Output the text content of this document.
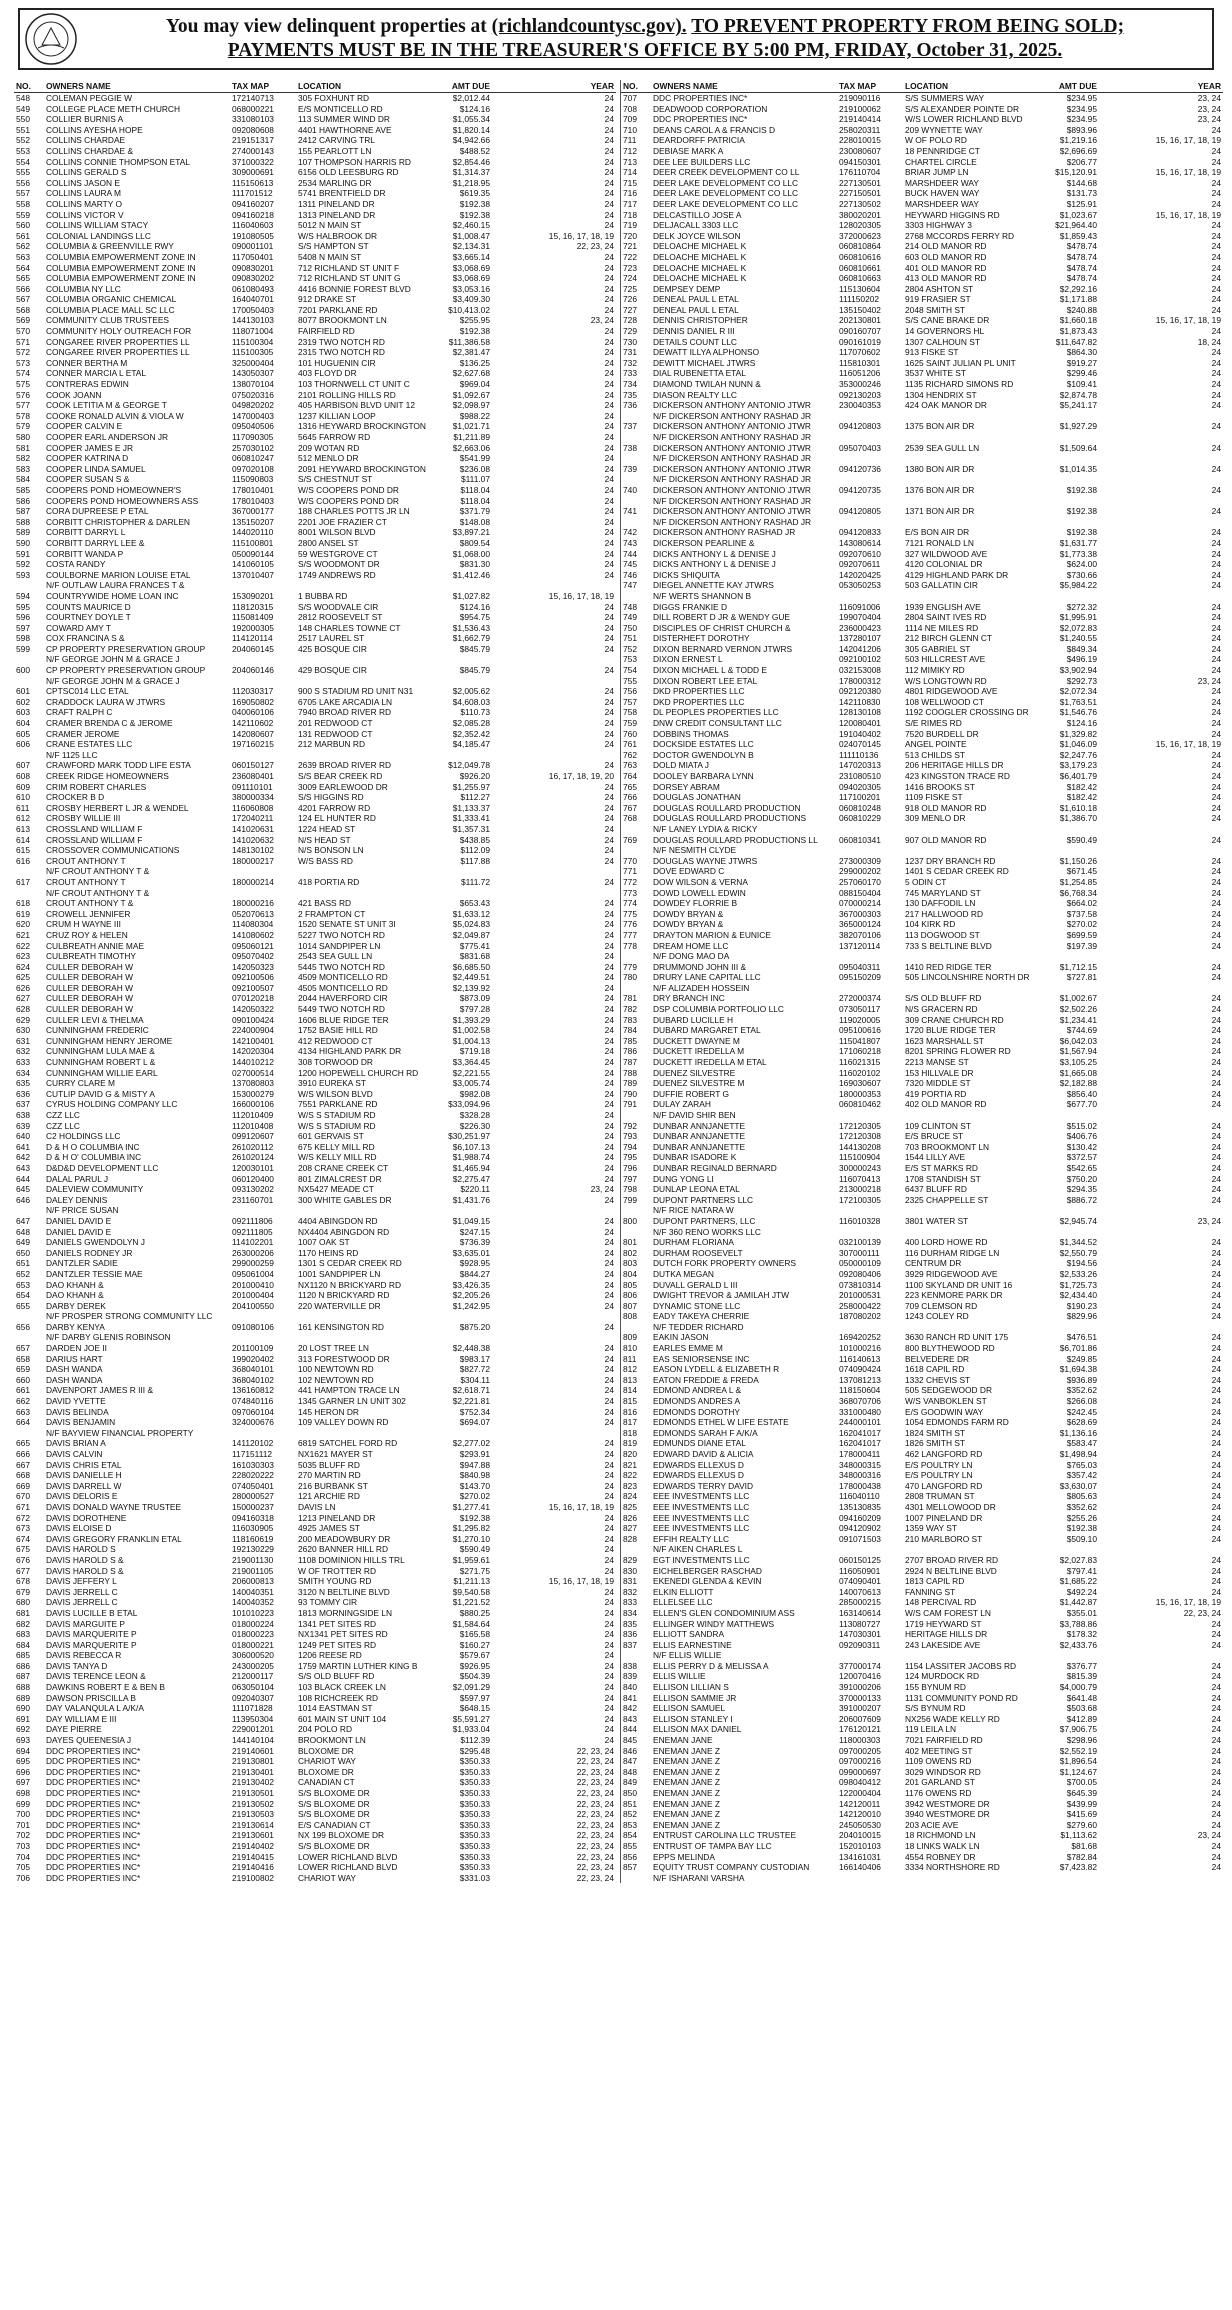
You may view delinquent properties at (richlandcountysc.gov). TO PREVENT PROPERTY FROM BEING SOLD;
PAYMENTS MUST BE IN THE TREASURER'S OFFICE BY 5:00 PM, FRIDAY, October 31, 2025.
NO.	OWNERS NAME	TAX MAP	LOCATION	AMT DUE	YEAR
548	COLEMAN PEGGIE W	172140713	305 FOXHUNT RD	$2,012.44	24
549	COLLEGE PLACE METH CHURCH	068000221	E/S MONTICELLO RD	$124.16	24
550	COLLIER BURNIS A	331080103	113 SUMMER WIND DR	$1,055.34	24
551	COLLINS AYESHA HOPE	092080608	4401 HAWTHORNE AVE	$1,820.14	24
552	COLLINS CHARDAE	219151317	2412 CARVING TRL	$4,942.66	24
553	COLLINS CHARDAE &	274000143	155 PEARLOTT LN	$488.52	24
554	COLLINS CONNIE THOMPSON ETAL	371000322	107 THOMPSON HARRIS RD	$2,854.46	24
555	COLLINS GERALD S	309000691	6156 OLD LEESBURG RD	$1,314.37	24
556	COLLINS JASON E	115150613	2534 MARLING DR	$1,218.95	24
557	COLLINS LAURA M	111701512	5741 BRENTFIELD DR	$619.35	24
558	COLLINS MARTY O	094160207	1311 PINELAND DR	$192.38	24
559	COLLINS VICTOR V	094160218	1313 PINELAND DR	$192.38	24
560	COLLINS WILLIAM STACY	116040603	5012 N MAIN ST	$2,460.15	24
561	COLONIAL LANDINGS LLC	191080505	W/S HALBROOK DR	$1,008.47	15, 16, 17, 18, 19
562	COLUMBIA & GREENVILLE RWY	090001101	S/S HAMPTON ST	$2,134.31	22, 23, 24
563	COLUMBIA EMPOWERMENT ZONE IN	117050401	5408 N MAIN ST	$3,665.14	24
564	COLUMBIA EMPOWERMENT ZONE IN	090830201	712 RICHLAND ST UNIT F	$3,068.69	24
565	COLUMBIA EMPOWERMENT ZONE IN	090830202	712 RICHLAND ST UNIT G	$3,068.69	24
566	COLUMBIA NY LLC	061080493	4416 BONNIE FOREST BLVD	$3,053.16	24
567	COLUMBIA ORGANIC CHEMICAL	164040701	912 DRAKE ST	$3,409.30	24
568	COLUMBIA PLACE MALL SC LLC	170050403	7201 PARKLANE RD	$10,413.02	24
569	COMMUNITY CLUB TRUSTEES	144130103	8077 BROOKMONT LN	$255.95	23, 24
570	COMMUNITY HOLY OUTREACH FOR	118071004	FAIRFIELD RD	$192.38	24
571	CONGAREE RIVER PROPERTIES LL	115100304	2319 TWO NOTCH RD	$11,386.58	24
572	CONGAREE RIVER PROPERTIES LL	115100305	2315 TWO NOTCH RD	$2,381.47	24
573	CONNER BERTHA M	325000404	101 HUGUENIN CIR	$136.25	24
574	CONNER MARCIA L ETAL	143050307	403 FLOYD DR	$2,627.68	24
575	CONTRERAS EDWIN	138070104	103 THORNWELL CT UNIT C	$969.04	24
576	COOK JOANN	075020316	2101 ROLLING HILLS RD	$1,092.67	24
577	COOK LETITIA M & GEORGE T	049820202	405 HARBISON BLVD UNIT 12	$2,098.97	24
578	COOKE RONALD ALVIN & VIOLA W	147000403	1237 KILLIAN LOOP	$988.22	24
579	COOPER CALVIN E	095040506	1316 HEYWARD BROCKINGTON	$1,021.71	24
580	COOPER EARL ANDERSON JR	117090305	5645 FARROW RD	$1,211.89	24
581	COOPER JAMES E JR	257030102	209 WOTAN RD	$2,663.06	24
582	COOPER KATRINA D	060810247	512 MENLO DR	$541.99	24
583	COOPER LINDA SAMUEL	097020108	2091 HEYWARD BROCKINGTON	$236.08	24
584	COOPER SUSAN S &	115090803	S/S CHESTNUT ST	$111.07	24
585	COOPERS POND HOMEOWNER'S	178010401	W/S COOPERS POND DR	$118.04	24
586	COOPERS POND HOMEOWNERS ASS	178010403	W/S COOPERS POND DR	$118.04	24
587	CORA DUPREESE P ETAL	367000177	188 CHARLES POTTS JR LN	$371.79	24
588	CORBITT CHRISTOPHER & DARLEN	135150207	2201 JOE FRAZIER CT	$148.08	24
589	CORBITT DARRYL L	144020110	8001 WILSON BLVD	$3,897.21	24
590	CORBITT DARRYL LEE &	115100801	2800 ANSEL ST	$809.54	24
591	CORBITT WANDA P	050090144	59 WESTGROVE CT	$1,068.00	24
592	COSTA RANDY	141060105	S/S WOODMONT DR	$831.30	24
593	COULBORNE MARION LOUISE ETAL	137010407	1749 ANDREWS RD	$1,412.46	24
	N/F OUTLAW LAURA FRANCES T &				
594	COUNTRYWIDE HOME LOAN INC	153090201	1 BUBBA RD	$1,027.82	15, 16, 17, 18, 19
595	COUNTS MAURICE D	118120315	S/S WOODVALE CIR	$124.16	24
596	COURTNEY DOYLE T	115081409	2812 ROOSEVELT ST	$954.75	24
597	COWARD AMY T	192000305	148 CHARLES TOWNE CT	$1,536.43	24
598	COX FRANCINA S &	114120114	2517 LAUREL ST	$1,662.79	24
599	CP PROPERTY PRESERVATION GROUP	204060145	425 BOSQUE CIR	$845.79	24
	N/F GEORGE JOHN M & GRACE J				
600	CP PROPERTY PRESERVATION GROUP	204060146	429 BOSQUE CIR	$845.79	24
	N/F GEORGE JOHN M & GRACE J				
601	CPTSC014 LLC ETAL	112030317	900 S STADIUM RD UNIT N31	$2,005.62	24
602	CRADDOCK LAURA W JTWRS	169050802	6705 LAKE ARCADIA LN	$4,608.03	24
603	CRAFT RALPH C	040060106	7940 BROAD RIVER RD	$110.73	24
604	CRAMER BRENDA C & JEROME	142110602	201 REDWOOD CT	$2,085.28	24
605	CRAMER JEROME	142080607	131 REDWOOD CT	$2,352.42	24
606	CRANE ESTATES LLC	197160215	212 MARBUN RD	$4,185.47	24
	N/F 1125 LLC				
607	CRAWFORD MARK TODD LIFE ESTA	060150127	2639 BROAD RIVER RD	$12,049.78	24
608	CREEK RIDGE HOMEOWNERS	236080401	S/S BEAR CREEK RD	$926.20	16, 17, 18, 19, 20
609	CRIM ROBERT CHARLES	091110101	3009 EARLEWOOD DR	$1,255.97	24
610	CROCKER B D	380000334	S/S HIGGINS RD	$112.27	24
611	CROSBY HERBERT L JR & WENDEL	116060808	4201 FARROW RD	$1,133.37	24
612	CROSBY WILLIE III	172040211	124 EL HUNTER RD	$1,333.41	24
613	CROSSLAND WILLIAM F	141020631	1224 HEAD ST	$1,357.31	24
614	CROSSLAND WILLIAM F	141020632	N/S HEAD ST	$438.85	24
615	CROSSOVER COMMUNICATIONS	148130102	N/S BONSON LN	$112.09	24
616	CROUT ANTHONY T	180000217	W/S BASS RD	$117.88	24
	N/F CROUT ANTHONY T &				
617	CROUT ANTHONY T	180000214	418 PORTIA RD	$111.72	24
	N/F CROUT ANTHONY T &				
618	CROUT ANTHONY T &	180000216	421 BASS RD	$653.43	24
619	CROWELL JENNIFER	052070613	2 FRAMPTON CT	$1,633.12	24
620	CRUM H WAYNE III	114080304	1520 SENATE ST UNIT 3I	$5,024.83	24
621	CRUZ ROY & HELEN	141080602	5227 TWO NOTCH RD	$2,049.87	24
622	CULBREATH ANNIE MAE	095060121	1014 SANDPIPER LN	$775.41	24
623	CULBREATH TIMOTHY	095070402	2543 SEA GULL LN	$831.68	24
624	CULLER DEBORAH W	142050323	5445 TWO NOTCH RD	$6,685.50	24
625	CULLER DEBORAH W	092100506	4509 MONTICELLO RD	$2,449.51	24
626	CULLER DEBORAH W	092100507	4505 MONTICELLO RD	$2,139.92	24
627	CULLER DEBORAH W	070120218	2044 HAVERFORD CIR	$873.09	24
628	CULLER DEBORAH W	142050322	5449 TWO NOTCH RD	$797.28	24
629	CULLER LEVI & THELMA	090100424	1606 BLUE RIDGE TER	$1,393.29	24
630	CUNNINGHAM FREDERIC	224000904	1752 BASIE HILL RD	$1,002.58	24
631	CUNNINGHAM HENRY JEROME	142100401	412 REDWOOD CT	$1,004.13	24
632	CUNNINGHAM LULA MAE &	142020304	4134 HIGHLAND PARK DR	$719.18	24
633	CUNNINGHAM ROBERT L &	144010212	308 TORWOOD DR	$3,364.45	24
634	CUNNINGHAM WILLIE EARL	027000514	1200 HOPEWELL CHURCH RD	$2,221.55	24
635	CURRY CLARE M	137080803	3910 EUREKA ST	$3,005.74	24
636	CUTLIP DAVID G & MISTY A	153000279	W/S WILSON BLVD	$982.08	24
637	CYRUS HOLDING COMPANY LLC	166000106	7551 PARKLANE RD	$33,094.96	24
638	CZZ LLC	112010409	W/S S STADIUM RD	$328.28	24
639	CZZ LLC	112010408	W/S S STADIUM RD	$226.30	24
640	C2 HOLDINGS LLC	099120607	601 GERVAIS ST	$30,251.97	24
641	D & H O COLUMBIA INC	261020112	675 KELLY MILL RD	$6,107.13	24
642	D & H O' COLUMBIA INC	261020124	W/S KELLY MILL RD	$1,988.74	24
643	D&D&D DEVELOPMENT LLC	120030101	208 CRANE CREEK CT	$1,465.94	24
644	DALAL PARUL J	060120400	801 ZIMALCREST DR	$2,275.47	24
645	DALEVIEW COMMUNITY	093130202	NX5427 MEADE CT	$220.11	23, 24
646	DALEY DENNIS	231160701	300 WHITE GABLES DR	$1,431.76	24
	N/F PRICE SUSAN				
647	DANIEL DAVID E	092111806	4404 ABINGDON RD	$1,049.15	24
648	DANIEL DAVID E	092111805	NX4404 ABINGDON RD	$247.15	24
649	DANIELS GWENDOLYN J	114102201	1007 OAK ST	$736.39	24
650	DANIELS RODNEY JR	263000206	1170 HEINS RD	$3,635.01	24
651	DANTZLER SADIE	299000259	1301 S CEDAR CREEK RD	$928.95	24
652	DANTZLER TESSIE MAE	095061004	1001 SANDPIPER LN	$844.27	24
653	DAO KHANH &	201000410	NX1120 N BRICKYARD RD	$3,426.35	24
654	DAO KHANH &	201000404	1120 N BRICKYARD RD	$2,205.26	24
655	DARBY DEREK	204100550	220 WATERVILLE DR	$1,242.95	24
	N/F PROSPER STRONG COMMUNITY LLC				
656	DARBY KENYA	091080106	161 KENSINGTON RD	$875.20	24
	N/F DARBY GLENIS ROBINSON				
657	DARDEN JOE II	201100109	20 LOST TREE LN	$2,448.38	24
658	DARIUS HART	199020402	313 FORESTWOOD DR	$983.17	24
659	DASH WANDA	368040101	100 NEWTOWN RD	$827.72	24
660	DASH WANDA	368040102	102 NEWTOWN RD	$304.11	24
661	DAVENPORT JAMES R III &	136160812	441 HAMPTON TRACE LN	$2,618.71	24
662	DAVID YVETTE	074840116	1345 GARNER LN UNIT 302	$2,221.81	24
663	DAVIS BELINDA	097060104	145 HERON DR	$752.34	24
664	DAVIS BENJAMIN	324000676	109 VALLEY DOWN RD	$694.07	24
	N/F BAYVIEW FINANCIAL PROPERTY				
665	DAVIS BRIAN A	141120102	6819 SATCHEL FORD RD	$2,277.02	24
666	DAVIS CALVIN	117151112	NX1621 MAYER ST	$293.91	24
667	DAVIS CHRIS ETAL	161030303	5035 BLUFF RD	$947.88	24
668	DAVIS DANIELLE H	228020222	270 MARTIN RD	$840.98	24
669	DAVIS DARRELL W	074050401	216 BURBANK ST	$143.70	24
670	DAVIS DELORIS E	280000527	121 ARCHIE RD	$270.02	24
671	DAVIS DONALD WAYNE TRUSTEE	150000237	DAVIS LN	$1,277.41	15, 16, 17, 18, 19
672	DAVIS DOROTHENE	094160318	1213 PINELAND DR	$192.38	24
673	DAVIS ELOISE D	116030905	4925 JAMES ST	$1,295.82	24
674	DAVIS GREGORY FRANKLIN ETAL	118160619	200 MEADOWBURY DR	$1,270.10	24
675	DAVIS HAROLD S	192130229	2620 BANNER HILL RD	$590.49	24
676	DAVIS HAROLD S &	219001130	1108 DOMINION HILLS TRL	$1,959.61	24
677	DAVIS HAROLD S &	219001105	W OF TROTTER RD	$271.75	24
678	DAVIS JEFFERY L	206000813	SMITH YOUNG RD	$1,211.13	15, 16, 17, 18, 19
679	DAVIS JERRELL C	140040351	3120 N BELTLINE BLVD	$9,540.58	24
680	DAVIS JERRELL C	140040352	93 TOMMY CIR	$1,221.52	24
681	DAVIS LUCILLE B ETAL	101010223	1813 MORNINGSIDE LN	$880.25	24
682	DAVIS MARGUITE P	018000224	1341 PET SITES RD	$1,584.64	24
683	DAVIS MARQUERITE P	018000223	NX1341 PET SITES RD	$165.58	24
684	DAVIS MARQUERITE P	018000221	1249 PET SITES RD	$160.27	24
685	DAVIS REBECCA R	306000520	1206 REESE RD	$579.67	24
686	DAVIS TANYA D	243000205	1759 MARTIN LUTHER KING B	$926.95	24
687	DAVIS TERENCE LEON &	212000117	S/S OLD BLUFF RD	$504.39	24
688	DAWKINS ROBERT E & BEN B	063050104	103 BLACK CREEK LN	$2,091.29	24
689	DAWSON PRISCILLA B	092040307	108 RICHCREEK RD	$597.97	24
690	DAY VALANQULA L A/K/A	111071828	1014 EASTMAN ST	$648.15	24
691	DAY WILLIAM E III	113950304	601 MAIN ST UNIT 104	$5,591.27	24
692	DAYE PIERRE	229001201	204 POLO RD	$1,933.04	24
693	DAYES QUEENESIA J	144140104	BROOKMONT LN	$112.39	24
694	DDC PROPERTIES INC*	219140601	BLOXOME DR	$295.48	22, 23, 24
695	DDC PROPERTIES INC*	219130801	CHARIOT WAY	$350.33	22, 23, 24
696	DDC PROPERTIES INC*	219130401	BLOXOME DR	$350.33	22, 23, 24
697	DDC PROPERTIES INC*	219130402	CANADIAN CT	$350.33	22, 23, 24
698	DDC PROPERTIES INC*	219130501	S/S BLOXOME DR	$350.33	22, 23, 24
699	DDC PROPERTIES INC*	219130502	S/S BLOXOME DR	$350.33	22, 23, 24
700	DDC PROPERTIES INC*	219130503	S/S BLOXOME DR	$350.33	22, 23, 24
701	DDC PROPERTIES INC*	219130614	E/S CANADIAN CT	$350.33	22, 23, 24
702	DDC PROPERTIES INC*	219130601	NX 199 BLOXOME DR	$350.33	22, 23, 24
703	DDC PROPERTIES INC*	219140402	S/S BLOXOME DR	$350.33	22, 23, 24
704	DDC PROPERTIES INC*	219140415	LOWER RICHLAND BLVD	$350.33	22, 23, 24
705	DDC PROPERTIES INC*	219140416	LOWER RICHLAND BLVD	$350.33	22, 23, 24
706	DDC PROPERTIES INC*	219100802	CHARIOT WAY	$331.03	22, 23, 24
NO.	OWNERS NAME	TAX MAP	LOCATION	AMT DUE	YEAR
707	DDC PROPERTIES INC*	219090116	S/S SUMMERS WAY	$234.95	23, 24
708	DEADWOOD CORPORATION	219100062	S/S ALEXANDER POINTE DR	$234.95	23, 24
709	DDC PROPERTIES INC*	219140414	W/S LOWER RICHLAND BLVD	$234.95	23, 24
710	DEANS CAROL A & FRANCIS D	258020311	209 WYNETTE WAY	$893.96	24
711	DEARDORFF PATRICIA	228010015	W OF POLO RD	$1,219.16	15, 16, 17, 18, 19
712	DEBIASE MARK A	230080607	18 PENNRIDGE CT	$2,696.69	24
713	DEE LEE BUILDERS LLC	094150301	CHARTEL CIRCLE	$206.77	24
714	DEER CREEK DEVELOPMENT CO LL	176110704	BRIAR JUMP LN	$15,120.91	15, 16, 17, 18, 19
715	DEER LAKE DEVELOPMENT CO LLC	227130501	MARSHDEER WAY	$144.68	24
716	DEER LAKE DEVELOPMENT CO LLC	227150501	BUCK HAVEN WAY	$131.73	24
717	DEER LAKE DEVELOPMENT CO LLC	227130502	MARSHDEER WAY	$125.91	24
718	DELCASTILLO JOSE A	380020201	HEYWARD HIGGINS RD	$1,023.67	15, 16, 17, 18, 19
719	DELJACALL 3303 LLC	128020305	3303 HIGHWAY 3	$21,964.40	24
720	DELK JOYCE WILSON	372000623	2768 MCCORDS FERRY RD	$1,859.43	24
721	DELOACHE MICHAEL K	060810864	214 OLD MANOR RD	$478.74	24
722	DELOACHE MICHAEL K	060810616	603 OLD MANOR RD	$478.74	24
723	DELOACHE MICHAEL K	060810661	401 OLD MANOR RD	$478.74	24
724	DELOACHE MICHAEL K	060810663	413 OLD MANOR RD	$478.74	24
725	DEMPSEY DEMP	115130604	2804 ASHTON ST	$2,292.16	24
726	DENEAL PAUL L ETAL	111150202	919 FRASIER ST	$1,171.88	24
727	DENEAL PAUL L ETAL	135150402	2048 SMITH ST	$240.88	24
728	DENNIS CHRISTOPHER	202130801	S/S CANE BRAKE DR	$1,660.18	15, 16, 17, 18, 19
729	DENNIS DANIEL R III	090160707	14 GOVERNORS HL	$1,873.43	24
730	DETAILS COUNT LLC	090161019	1307 CALHOUN ST	$11,647.82	18, 24
731	DEWATT ILLYA ALPHONSO	117070602	913 FISKE ST	$864.30	24
732	DEWITT MICHAEL JTWRS	115810301	1625 SAINT JULIAN PL UNIT	$919.27	24
733	DIAL RUBENETTA ETAL	116051206	3537 WHITE ST	$299.46	24
734	DIAMOND TWILAH NUNN &	353000246	1135 RICHARD SIMONS RD	$109.41	24
735	DIASON REALTY LLC	092130203	1304 HENDRIX ST	$2,874.78	24
736	DICKERSON ANTHONY ANTONIO JTWR	230040353	424 OAK MANOR DR	$5,241.17	24
	N/F DICKERSON ANTHONY RASHAD JR				
737	DICKERSON ANTHONY ANTONIO JTWR	094120803	1375 BON AIR DR	$1,927.29	24
	N/F DICKERSON ANTHONY RASHAD JR				
738	DICKERSON ANTHONY ANTONIO JTWR	095070403	2539 SEA GULL LN	$1,509.64	24
	N/F DICKERSON ANTHONY RASHAD JR				
739	DICKERSON ANTHONY ANTONIO JTWR	094120736	1380 BON AIR DR	$1,014.35	24
	N/F DICKERSON ANTHONY RASHAD JR				
740	DICKERSON ANTHONY ANTONIO JTWR	094120735	1376 BON AIR DR	$192.38	24
	N/F DICKERSON ANTHONY RASHAD JR				
741	DICKERSON ANTHONY ANTONIO JTWR	094120805	1371 BON AIR DR	$192.38	24
	N/F DICKERSON ANTHONY RASHAD JR				
742	DICKERSON ANTHONY RASHAD JR	094120833	E/S BON AIR DR	$192.38	24
743	DICKERSON PEARLINE &	143080614	7121 RONALD LN	$1,631.77	24
744	DICKS ANTHONY L & DENISE J	092070610	327 WILDWOOD AVE	$1,773.38	24
745	DICKS ANTHONY L & DENISE J	092070611	4120 COLONIAL DR	$624.00	24
746	DICKS SHIQUITA	142020425	4129 HIGHLAND PARK DR	$730.66	24
747	DIEGEL ANNETTE KAY JTWRS	053050253	503 GALLATIN CIR	$5,984.22	24
	N/F WERTS SHANNON B				
748	DIGGS FRANKIE D	116091006	1939 ENGLISH AVE	$272.32	24
749	DILL ROBERT D JR & WENDY GUE	199070404	2804 SAINT IVES RD	$1,995.91	24
750	DISCIPLES OF CHRIST CHURCH &	236000423	1114 NE MILES RD	$2,072.83	24
751	DISTERHEFT DOROTHY	137280107	212 BIRCH GLENN CT	$1,240.55	24
752	DIXON BERNARD VERNON JTWRS	142041206	305 GABRIEL ST	$849.34	24
753	DIXON ERNEST L	092100102	503 HILLCREST AVE	$496.19	24
754	DIXON MICHAEL L & TODD E	032153008	112 MIMIKY RD	$3,902.94	24
755	DIXON ROBERT LEE ETAL	178000312	W/S LONGTOWN RD	$292.73	23, 24
756	DKD PROPERTIES LLC	092120380	4801 RIDGEWOOD AVE	$2,072.34	24
757	DKD PROPERTIES LLC	142110830	108 WELLWOOD CT	$1,763.51	24
758	DL PEOPLES PROPERTIES LLC	128130108	1192 COOGLER CROSSING DR	$1,546.76	24
759	DNW CREDIT CONSULTANT LLC	120080401	S/E RIMES RD	$124.16	24
760	DOBBINS THOMAS	191040402	7520 BURDELL DR	$1,329.82	24
761	DOCKSIDE ESTATES LLC	024070145	ANGEL POINTE	$1,046.09	15, 16, 17, 18, 19
762	DOCTOR GWENDOLYN B	111110136	513 CHILDS ST	$2,247.76	24
763	DOLD MIATA J	147020313	206 HERITAGE HILLS DR	$3,179.23	24
764	DOOLEY BARBARA LYNN	231080510	423 KINGSTON TRACE RD	$6,401.79	24
765	DORSEY ABRAM	094020305	1416 BROOKS ST	$182.42	24
766	DOUGLAS JONATHAN	117100201	1109 FISKE ST	$182.42	24
767	DOUGLAS ROULLARD PRODUCTION	060810248	918 OLD MANOR RD	$1,610.18	24
768	DOUGLAS ROULLARD PRODUCTIONS	060810229	309 MENLO DR	$1,386.70	24
	N/F LANEY LYDIA & RICKY				
769	DOUGLAS ROULLARD PRODUCTIONS LL	060810341	907 OLD MANOR RD	$590.49	24
	N/F NESMITH CLYDE				
770	DOUGLAS WAYNE JTWRS	273000309	1237 DRY BRANCH RD	$1,150.26	24
771	DOVE EDWARD C	299000202	1401 S CEDAR CREEK RD	$671.45	24
772	DOW WILSON & VERNA	257060170	5 ODIN CT	$1,254.85	24
773	DOWD LOWELL EDWIN	088150404	745 MARYLAND ST	$6,768.34	24
774	DOWDEY FLORRIE B	070000214	130 DAFFODIL LN	$664.02	24
775	DOWDY BRYAN &	367000303	217 HALLWOOD RD	$737.58	24
776	DOWDY BRYAN &	365000124	104 KIRK RD	$270.02	24
777	DRAYTON MARION & EUNICE	382070106	113 DOGWOOD ST	$699.59	24
778	DREAM HOME LLC	137120114	733 S BELTLINE BLVD	$197.39	24
	N/F DONG MAO DA				
779	DRUMMOND JOHN III &	095040311	1410 RED RIDGE TER	$1,712.15	24
780	DRURY LANE CAPITAL LLC	095150209	505 LINCOLNSHIRE NORTH DR	$727.81	24
	N/F ALIZADEH HOSSEIN				
781	DRY BRANCH INC	272000374	S/S OLD BLUFF RD	$1,002.67	24
782	DSP COLUMBIA PORTFOLIO LLC	073050117	N/S GRACERN RD	$2,502.26	24
783	DUBARD LUCILLE H	119020005	309 CRANE CHURCH RD	$1,234.41	24
784	DUBARD MARGARET ETAL	095100616	1720 BLUE RIDGE TER	$744.69	24
785	DUCKETT DWAYNE M	115041807	1623 MARSHALL ST	$6,042.03	24
786	DUCKETT IREDELLA M	171060218	8201 SPRING FLOWER RD	$1,567.94	24
787	DUCKETT IREDELLA M ETAL	116021315	2213 MANSE ST	$3,105.25	24
788	DUENEZ SILVESTRE	116020102	153 HILLVALE DR	$1,665.08	24
789	DUENEZ SILVESTRE M	169030607	7320 MIDDLE ST	$2,182.88	24
790	DUFFIE ROBERT G	180000353	419 PORTIA RD	$856.40	24
791	DULAY ZARAH	060810462	402 OLD MANOR RD	$677.70	24
	N/F DAVID SHIR BEN				
792	DUNBAR ANNJANETTE	172120305	109 CLINTON ST	$515.02	24
793	DUNBAR ANNJANETTE	172120308	E/S BRUCE ST	$406.76	24
794	DUNBAR ANNJANETTE	144130208	703 BROOKMONT LN	$130.42	24
795	DUNBAR ISADORE K	115100904	1544 LILLY AVE	$372.57	24
796	DUNBAR REGINALD BERNARD	300000243	E/S ST MARKS RD	$542.65	24
797	DUNG YONG LI	116070413	1708 STANDISH ST	$750.20	24
798	DUNLAP LEONA ETAL	213000218	6437 BLUFF RD	$294.35	24
799	DUPONT PARTNERS LLC	172100305	2325 CHAPPELLE ST	$886.72	24
	N/F RICE NATARA W				
800	DUPONT PARTNERS, LLC	116010328	3801 WATER ST	$2,945.74	23, 24
	N/F 360 RENO WORKS LLC				
801	DURHAM FLORIANA	032100139	400 LORD HOWE RD	$1,344.52	24
802	DURHAM ROOSEVELT	307000111	116 DURHAM RIDGE LN	$2,550.79	24
803	DUTCH FORK PROPERTY OWNERS	050000109	CENTRUM DR	$194.56	24
804	DUTKA MEGAN	092080406	3929 RIDGEWOOD AVE	$2,533.26	24
805	DUVALL GERALD L III	073810314	1100 SKYLAND DR UNIT 16	$1,725.73	24
806	DWIGHT TREVOR & JAMILAH JTW	201000531	223 KENMORE PARK DR	$2,434.40	24
807	DYNAMIC STONE LLC	258000422	709 CLEMSON RD	$190.23	24
808	EADY TAKEYA CHERRIE	187080202	1243 COLEY RD	$829.96	24
	N/F TEDDER RICHARD				
809	EAKIN JASON	169420252	3630 RANCH RD UNIT 175	$476.51	24
810	EARLES EMME M	101000216	800 BLYTHEWOOD RD	$6,701.86	24
811	EAS SENIORSENSE INC	116140613	BELVEDERE DR	$249.85	24
812	EASON LYDELL & ELIZABETH R	074090424	1618 CAPIL RD	$1,694.38	24
813	EATON FREDDIE & FREDA	137081213	1332 CHEVIS ST	$936.89	24
814	EDMOND ANDREA L &	118150604	505 SEDGEWOOD DR	$352.62	24
815	EDMONDS ANDRES A	368070706	W/S VANBOKLEN ST	$266.08	24
816	EDMONDS DOROTHY	331000480	E/S GOODWIN WAY	$242.45	24
817	EDMONDS ETHEL W LIFE ESTATE	244000101	1054 EDMONDS FARM RD	$628.69	24
818	EDMONDS SARAH F A/K/A	162041017	1824 SMITH ST	$1,136.16	24
819	EDMUNDS DIANE ETAL	162041017	1826 SMITH ST	$583.47	24
820	EDWARD DAVID & ALICIA	178000411	462 LANGFORD RD	$1,498.94	24
821	EDWARDS ELLEXUS D	348000315	E/S POULTRY LN	$765.03	24
822	EDWARDS ELLEXUS D	348000316	E/S POULTRY LN	$357.42	24
823	EDWARDS TERRY DAVID	178000438	470 LANGFORD RD	$3,630.07	24
824	EEE INVESTMENTS LLC	116040110	2808 TRUMAN ST	$805.63	24
825	EEE INVESTMENTS LLC	135130835	4301 MELLOWOOD DR	$352.62	24
826	EEE INVESTMENTS LLC	094160209	1007 PINELAND DR	$255.26	24
827	EEE INVESTMENTS LLC	094120902	1359 WAY ST	$192.38	24
828	EFFIH REALTY LLC	091071503	210 MARLBORO ST	$509.10	24
	N/F AIKEN CHARLES L				
829	EGT INVESTMENTS LLC	060150125	2707 BROAD RIVER RD	$2,027.83	24
830	EICHELBERGER RASCHAD	116050901	2924 N BELTLINE BLVD	$797.41	24
831	EKENEDI GLENDA & KEVIN	074090401	1813 CAPIL RD	$1,685.22	24
832	ELKIN ELLIOTT	140070613	FANNING ST	$492.24	24
833	ELLELSEE LLC	285000215	148 PERCIVAL RD	$1,442.87	15, 16, 17, 18, 19
834	ELLEN'S GLEN CONDOMINIUM ASS	163140614	W/S CAM FOREST LN	$355.01	22, 23, 24
835	ELLINGER WINDY MATTHEWS	113080727	1719 HEYWARD ST	$3,788.86	24
836	ELLIOTT SANDRA	147030301	HERITAGE HILLS DR	$178.32	24
837	ELLIS EARNESTINE	092090311	243 LAKESIDE AVE	$2,433.76	24
	N/F ELLIS WILLIE				
838	ELLIS PERRY D & MELISSA A	377000174	1154 LASSITER JACOBS RD	$376.77	24
839	ELLIS WILLIE	120070416	124 MURDOCK RD	$815.39	24
840	ELLISON LILLIAN S	391000206	155 BYNUM RD	$4,000.79	24
841	ELLISON SAMMIE JR	370000133	1131 COMMUNITY POND RD	$641.48	24
842	ELLISON SAMUEL	391000207	S/S BYNUM RD	$503.68	24
843	ELLISON STANLEY I	206007609	NX256 WADE KELLY RD	$412.89	24
844	ELLISON MAX DANIEL	176120121	119 LEILA LN	$7,906.75	24
845	ENEMAN JANE	118000303	7021 FAIRFIELD RD	$298.96	24
846	ENEMAN JANE Z	097000205	402 MEETING ST	$2,552.19	24
847	ENEMAN JANE Z	097000216	1109 OWENS RD	$1,896.54	24
848	ENEMAN JANE Z	099000697	3029 WINDSOR RD	$1,124.67	24
849	ENEMAN JANE Z	098040412	201 GARLAND ST	$700.05	24
850	ENEMAN JANE Z	122000404	1176 OWENS RD	$645.39	24
851	ENEMAN JANE Z	142120011	3942 WESTMORE DR	$439.99	24
852	ENEMAN JANE Z	142120010	3940 WESTMORE DR	$415.69	24
853	ENEMAN JANE Z	245050530	203 ACIE AVE	$279.60	24
854	ENTRUST CAROLINA LLC TRUSTEE	204010015	18 RICHMOND LN	$1,113.62	23, 24
855	ENTRUST OF TAMPA BAY LLC	152010103	18 LINKS WALK LN	$81.68	24
856	EPPS MELINDA	134161031	4554 ROBNEY DR	$782.84	24
857	EQUITY TRUST COMPANY CUSTODIAN	166140406	3334 NORTHSHORE RD	$7,423.82	24
	N/F ISHARANI VARSHA				
